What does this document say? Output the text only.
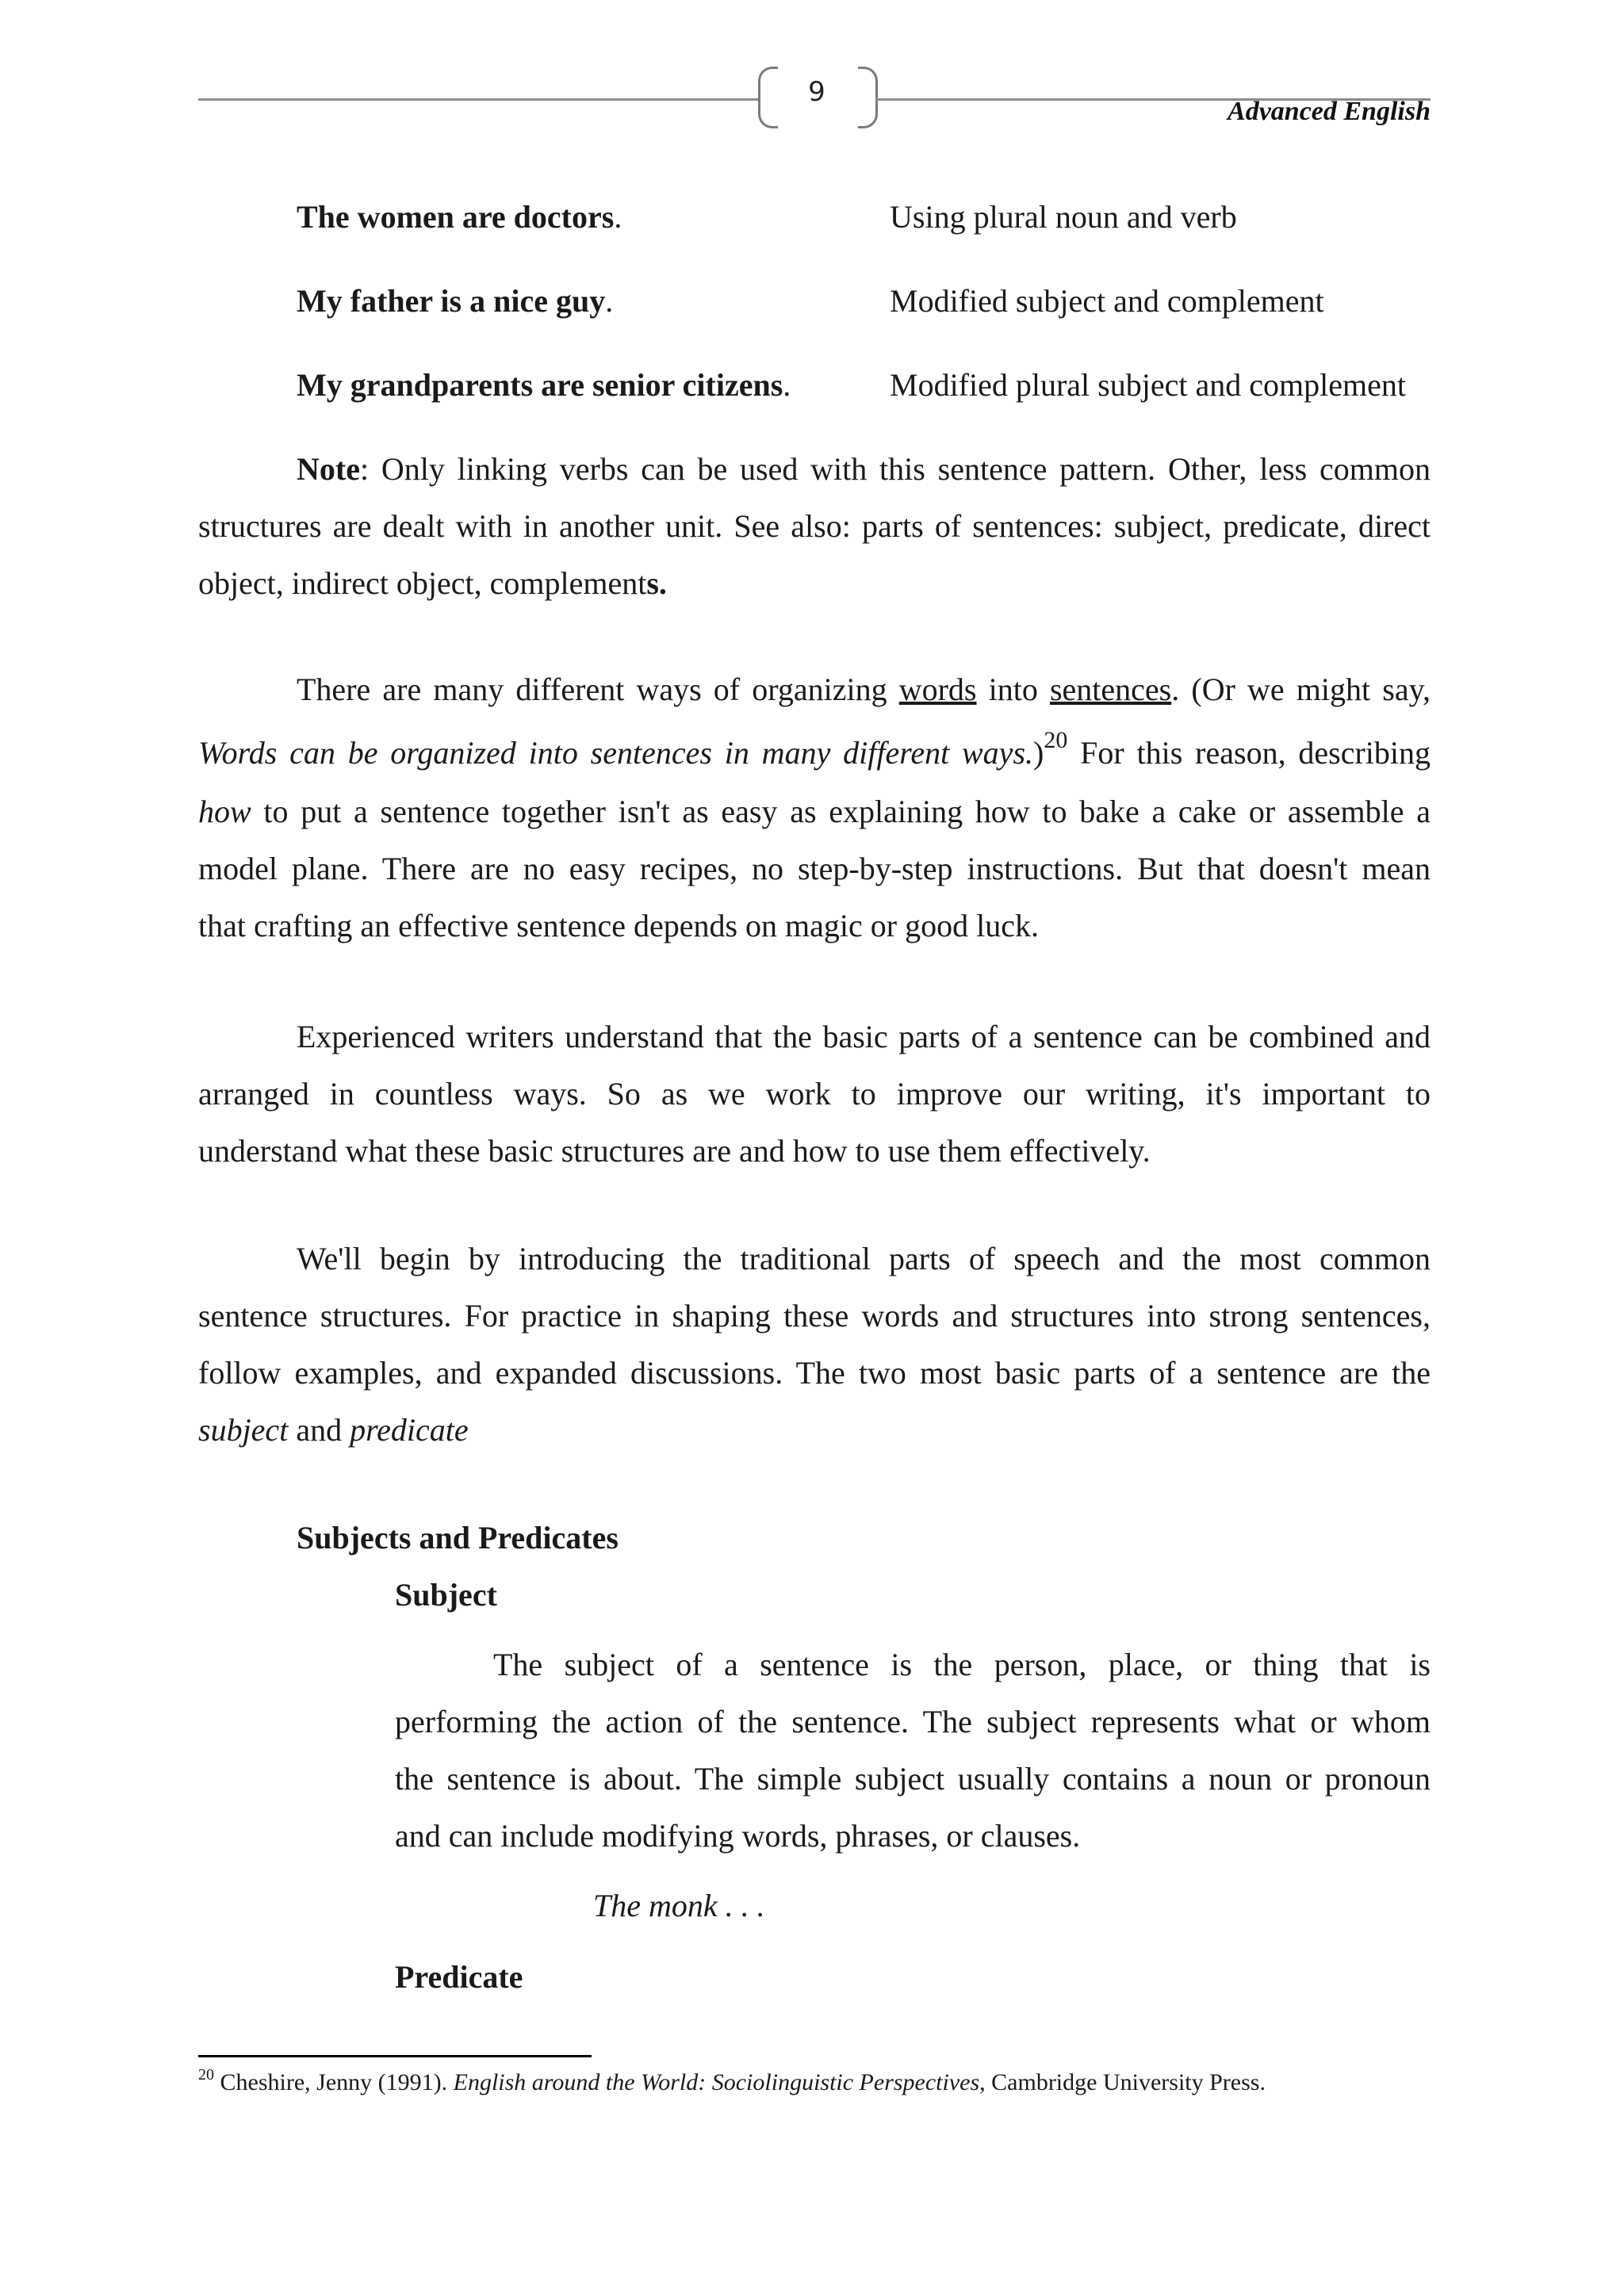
9
Advanced English
The women are doctors.	Using plural noun and verb
My father is a nice guy.	Modified subject and complement
My grandparents are senior citizens.	Modified plural subject and complement
Note: Only linking verbs can be used with this sentence pattern. Other, less common
structures are dealt with in another unit. See also: parts of sentences: subject, predicate, direct
object, indirect object, complements.
There are many different ways of organizing words into sentences. (Or we might say,
Words can be organized into sentences in many different ways.)$^{20}$ For this reason, describing
how to put a sentence together isn't as easy as explaining how to bake a cake or assemble a
model plane. There are no easy recipes, no step-by-step instructions. But that doesn't mean
that crafting an effective sentence depends on magic or good luck.
Experienced writers understand that the basic parts of a sentence can be combined and
arranged in countless ways. So as we work to improve our writing, it's important to
understand what these basic structures are and how to use them effectively.
We'll begin by introducing the traditional parts of speech and the most common
sentence structures. For practice in shaping these words and structures into strong sentences,
follow examples, and expanded discussions. The two most basic parts of a sentence are the
subject and predicate
Subjects and Predicates
Subject
The subject of a sentence is the person, place, or thing that is
performing the action of the sentence. The subject represents what or whom
the sentence is about. The simple subject usually contains a noun or pronoun
and can include modifying words, phrases, or clauses.
The monk . . .
Predicate
$^{20}$ Cheshire, Jenny (1991). English around the World: Sociolinguistic Perspectives, Cambridge University Press.
